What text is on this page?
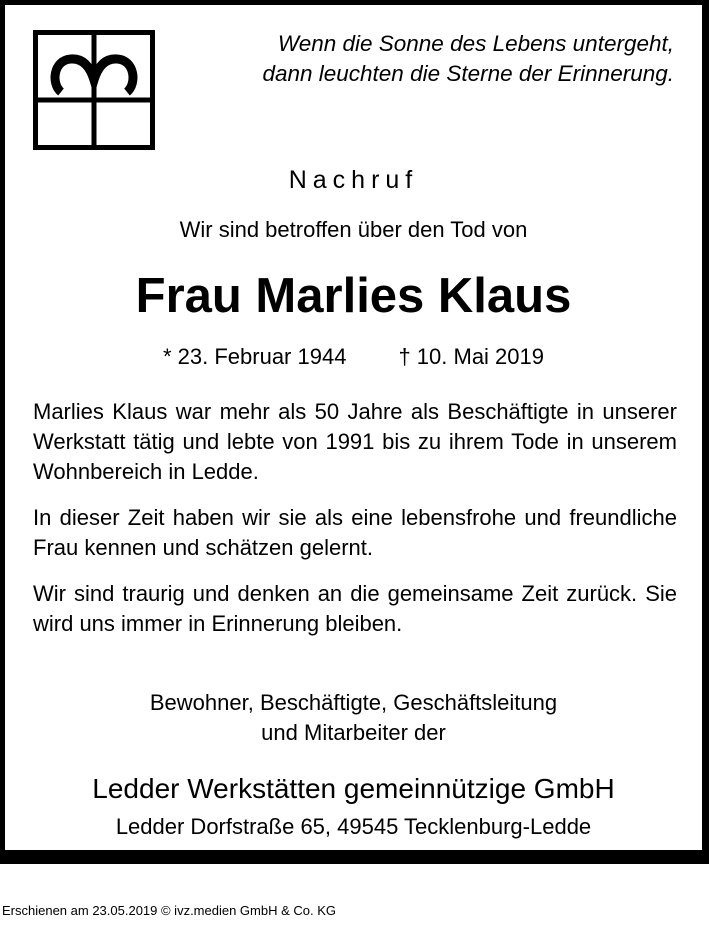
Wenn die Sonne des Lebens untergeht,
dann leuchten die Sterne der Erinnerung.
Nachruf
Wir sind betroffen über den Tod von
Frau Marlies Klaus
* 23. Februar 1944 † 10. Mai 2019

Marlies Klaus war mehr als 50 Jahre als Beschäftigte in unserer Werkstatt tätig und lebte von 1991 bis zu ihrem Tode in unserem Wohnbereich in Ledde.

In dieser Zeit haben wir sie als eine lebensfrohe und freundliche Frau kennen und schätzen gelernt.

Wir sind traurig und denken an die gemeinsame Zeit zurück. Sie wird uns immer in Erinnerung bleiben.

Bewohner, Beschäftigte, Geschäftsleitung
und Mitarbeiter der
Ledder Werkstätten gemeinnützige GmbH
Ledder Dorfstraße 65, 49545 Tecklenburg-Ledde
Erschienen am 23.05.2019 © ivz.medien GmbH & Co. KG
